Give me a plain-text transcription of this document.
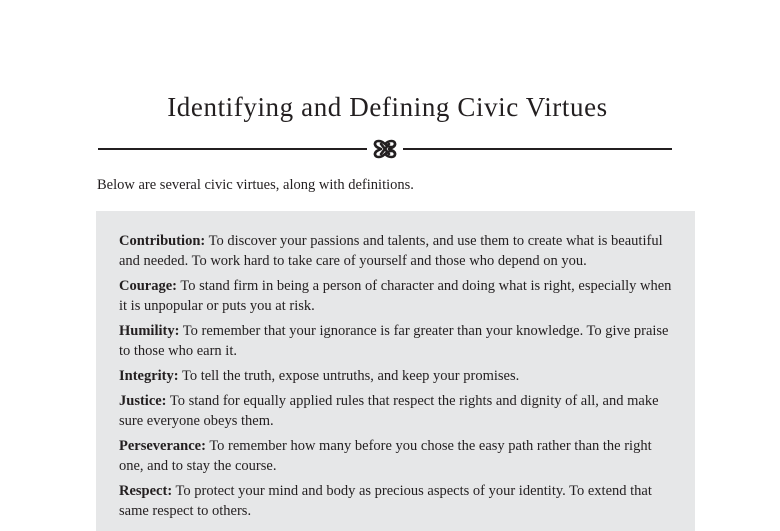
Identifying and Defining Civic Virtues

Below are several civic virtues, along with definitions.

Contribution: To discover your passions and talents, and use them to create what is beautiful and needed. To work hard to take care of yourself and those who depend on you.

Courage: To stand firm in being a person of character and doing what is right, especially when it is unpopular or puts you at risk.

Humility: To remember that your ignorance is far greater than your knowledge. To give praise to those who earn it.

Integrity: To tell the truth, expose untruths, and keep your promises.

Justice: To stand for equally applied rules that respect the rights and dignity of all, and make sure everyone obeys them.

Perseverance: To remember how many before you chose the easy path rather than the right one, and to stay the course.

Respect: To protect your mind and body as precious aspects of your identity. To extend that same respect to others.
